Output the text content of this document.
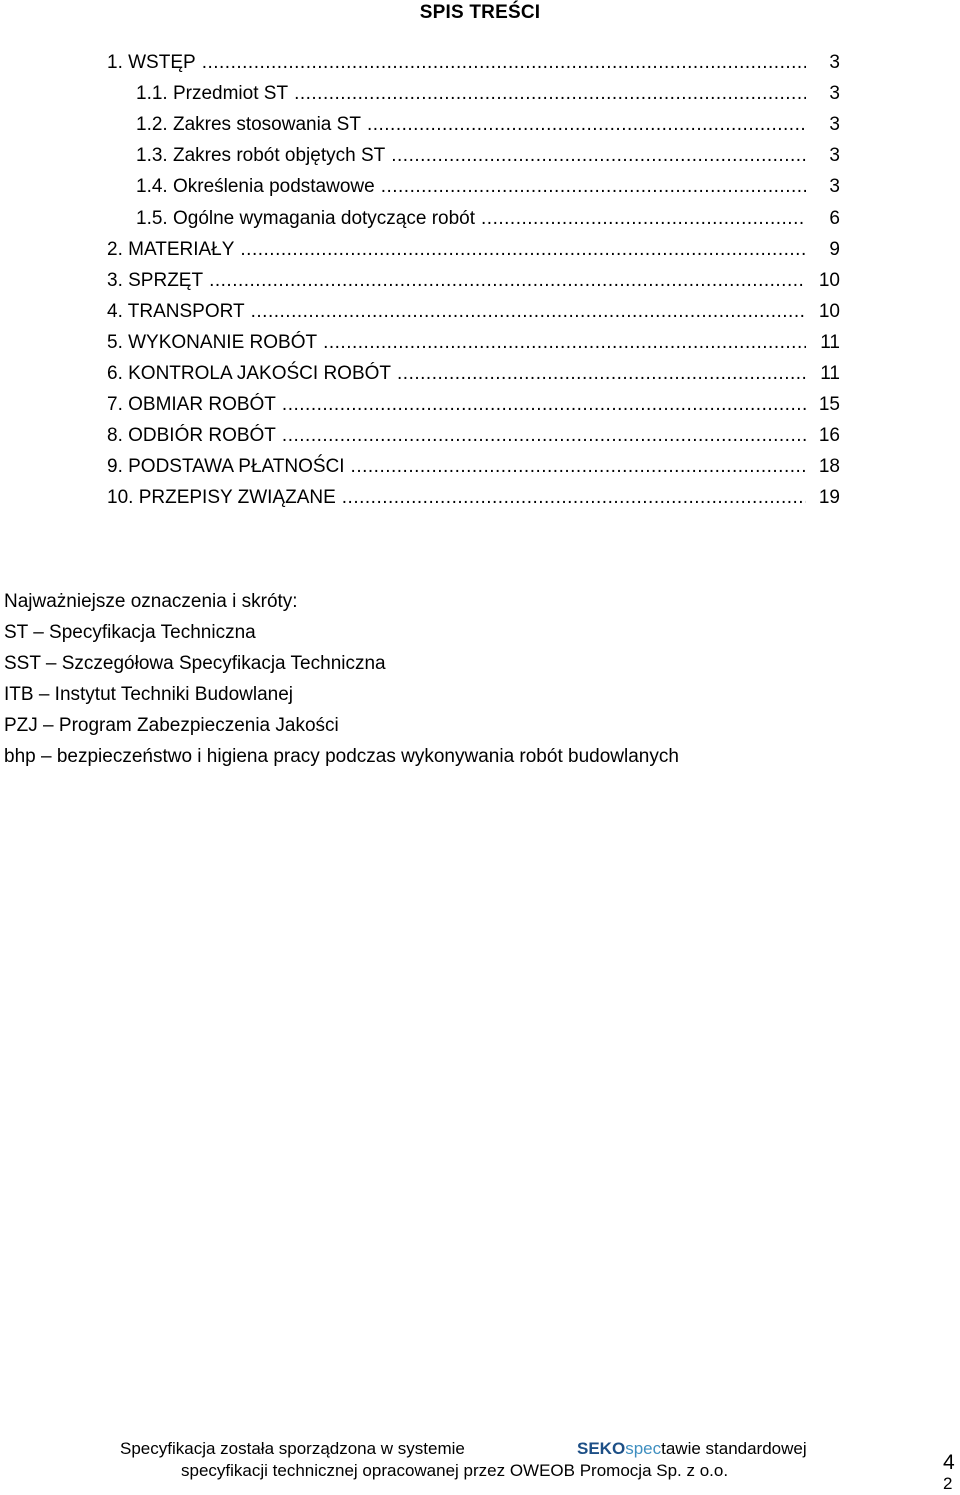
SPIS TREŚCI
1. WSTĘP .....	3
1.1. Przedmiot ST .....	3
1.2. Zakres stosowania ST .....	3
1.3. Zakres robót objętych ST .....	3
1.4. Określenia podstawowe .....	3
1.5. Ogólne wymagania dotyczące robót .....	6
2. MATERIAŁY .....	9
3. SPRZĘT .....	10
4. TRANSPORT .....	10
5. WYKONANIE ROBÓT .....	11
6. KONTROLA JAKOŚCI ROBÓT .....	11
7. OBMIAR ROBÓT .....	15
8. ODBIÓR ROBÓT .....	16
9. PODSTAWA PŁATNOŚCI .....	18
10. PRZEPISY ZWIĄZANE .....	19
Najważniejsze oznaczenia i skróty:
ST – Specyfikacja Techniczna
SST – Szczegółowa Specyfikacja Techniczna
ITB – Instytut Techniki Budowlanej
PZJ – Program Zabezpieczenia Jakości
bhp – bezpieczeństwo i higiena pracy podczas wykonywania robót budowlanych
Specyfikacja została sporządzona w systemie	SEKOspectawie standardowej
specyfikacji technicznej opracowanej przez OWEOB Promocja Sp. z o.o.	4
2
